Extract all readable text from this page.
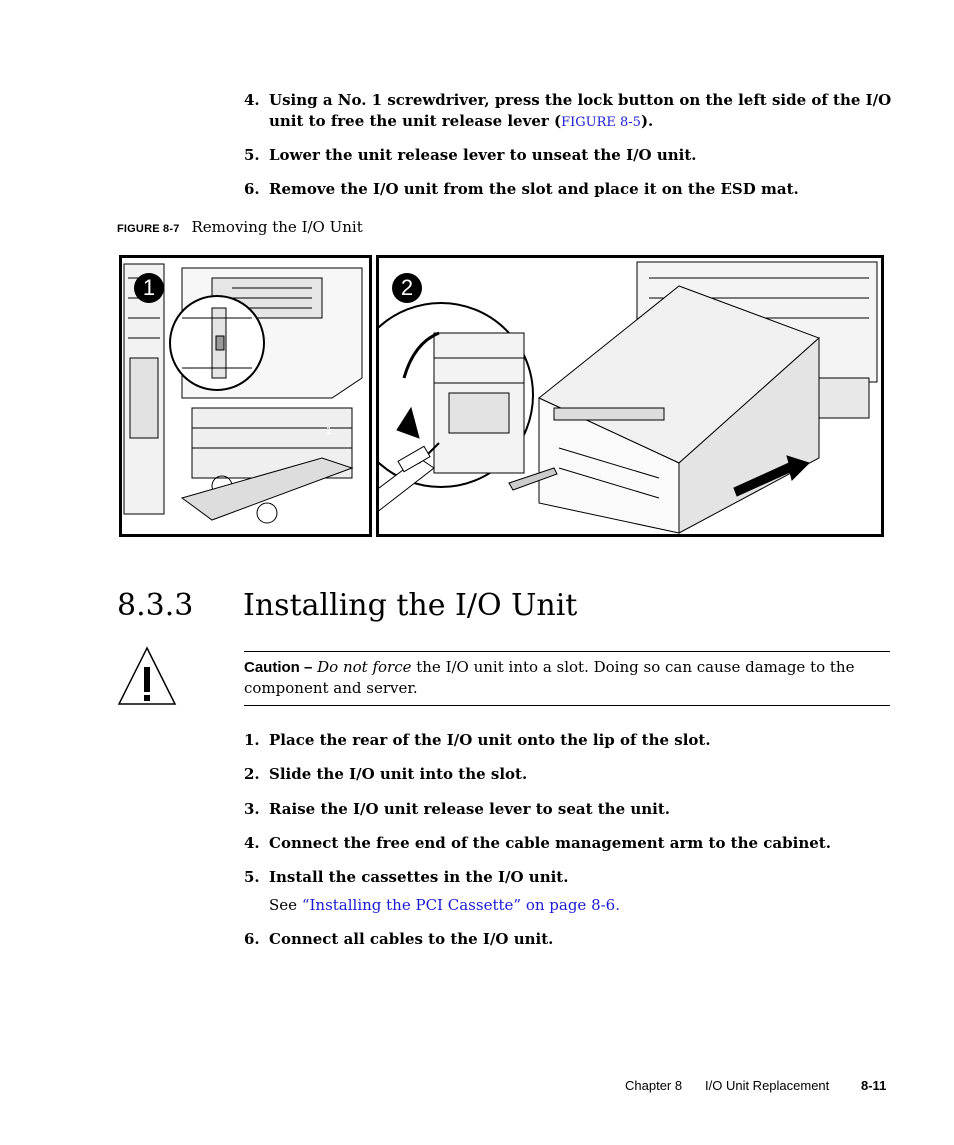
4. Using a No. 1 screwdriver, press the lock button on the left side of the I/O unit to free the unit release lever (FIGURE 8-5).
5. Lower the unit release lever to unseat the I/O unit.
6. Remove the I/O unit from the slot and place it on the ESD mat.
FIGURE 8-7 Removing the I/O Unit
1	2
1
2
8.3.3 Installing the I/O Unit
Caution – Do not force the I/O unit into a slot. Doing so can cause damage to the component and server.
1. Place the rear of the I/O unit onto the lip of the slot.
2. Slide the I/O unit into the slot.
3. Raise the I/O unit release lever to seat the unit.
4. Connect the free end of the cable management arm to the cabinet.
5. Install the cassettes in the I/O unit.
See “Installing the PCI Cassette” on page 8-6.
6. Connect all cables to the I/O unit.
Chapter 8 I/O Unit Replacement 8-11
